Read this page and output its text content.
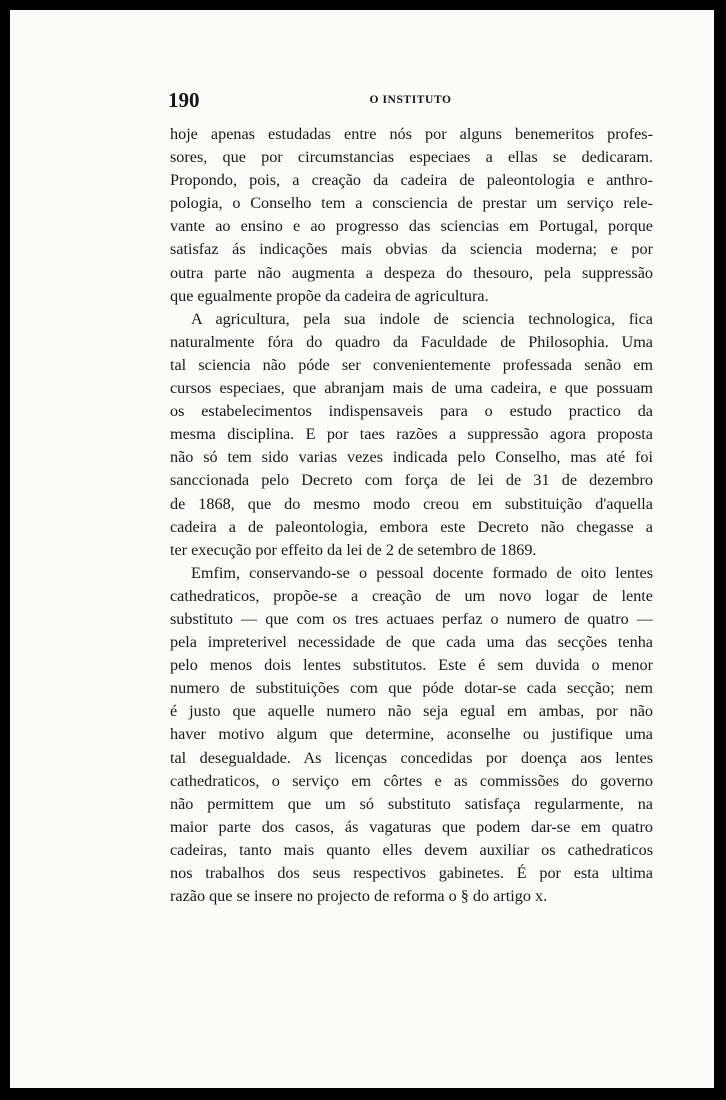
190	O INSTITUTO

hoje apenas estudadas entre nós por alguns benemeritos profes-
sores, que por circumstancias especiaes a ellas se dedicaram.
Propondo, pois, a creação da cadeira de paleontologia e anthro-
pologia, o Conselho tem a consciencia de prestar um serviço rele-
vante ao ensino e ao progresso das sciencias em Portugal, porque
satisfaz ás indicações mais obvias da sciencia moderna; e por
outra parte não augmenta a despeza do thesouro, pela suppressão
que egualmente propõe da cadeira de agricultura.

A agricultura, pela sua indole de sciencia technologica, fica
naturalmente fóra do quadro da Faculdade de Philosophia. Uma
tal sciencia não póde ser convenientemente professada senão em
cursos especiaes, que abranjam mais de uma cadeira, e que possuam
os estabelecimentos indispensaveis para o estudo practico da
mesma disciplina. E por taes razões a suppressão agora proposta
não só tem sido varias vezes indicada pelo Conselho, mas até foi
sanccionada pelo Decreto com força de lei de 31 de dezembro
de 1868, que do mesmo modo creou em substituição d'aquella
cadeira a de paleontologia, embora este Decreto não chegasse a
ter execução por effeito da lei de 2 de setembro de 1869.

Emfim, conservando-se o pessoal docente formado de oito lentes
cathedraticos, propõe-se a creação de um novo logar de lente
substituto — que com os tres actuaes perfaz o numero de quatro —
pela impreterivel necessidade de que cada uma das secções tenha
pelo menos dois lentes substitutos. Este é sem duvida o menor
numero de substituições com que póde dotar-se cada secção; nem
é justo que aquelle numero não seja egual em ambas, por não
haver motivo algum que determine, aconselhe ou justifique uma
tal desegualdade. As licenças concedidas por doença aos lentes
cathedraticos, o serviço em côrtes e as commissões do governo
não permittem que um só substituto satisfaça regularmente, na
maior parte dos casos, ás vagaturas que podem dar-se em quatro
cadeiras, tanto mais quanto elles devem auxiliar os cathedraticos
nos trabalhos dos seus respectivos gabinetes. É por esta ultima
razão que se insere no projecto de reforma o § do artigo x.
